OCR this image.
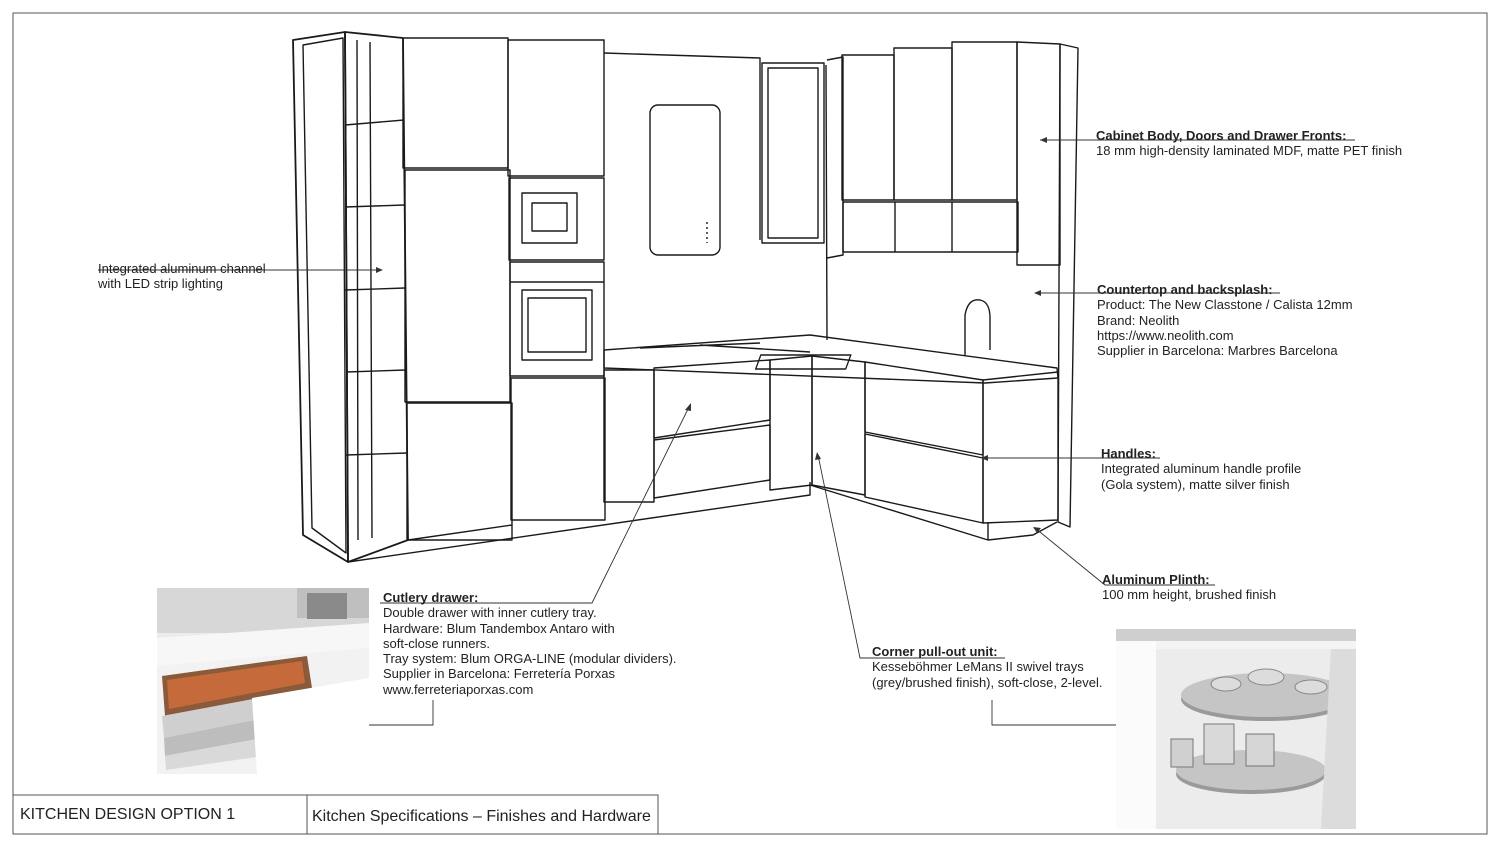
Integrated aluminum channel
with LED strip lighting
Cabinet Body, Doors and Drawer Fronts:
18 mm high-density laminated MDF, matte PET finish
Countertop and backsplash:
Product: The New Classtone / Calista 12mm
Brand: Neolith
https://www.neolith.com
Supplier in Barcelona: Marbres Barcelona
Handles:
Integrated aluminum handle profile
(Gola system), matte silver finish
Aluminum Plinth:
100 mm height, brushed finish
Cutlery drawer:
Double drawer with inner cutlery tray.
Hardware: Blum Tandembox Antaro with
soft-close runners.
Tray system: Blum ORGA-LINE (modular dividers).
Supplier in Barcelona: Ferretería Porxas
www.ferreteriaporxas.com
Corner pull-out unit:
Kesseböhmer LeMans II swivel trays
(grey/brushed finish), soft-close, 2-level.
KITCHEN DESIGN OPTION 1	Kitchen Specifications – Finishes and Hardware
